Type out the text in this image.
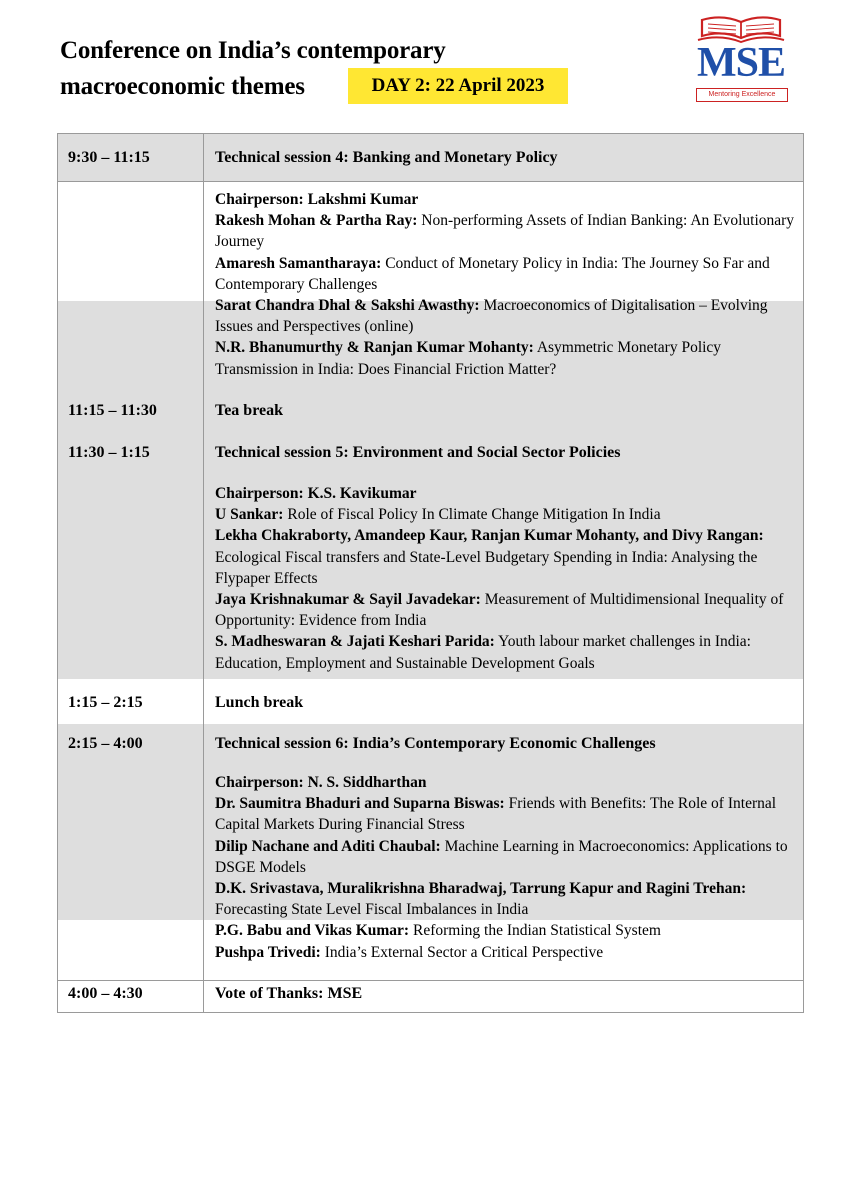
Conference on India’s contemporary
macroeconomic themes	DAY 2: 22 April 2023	MSE
Mentoring Excellence
9:30 – 11:15	Technical session 4: Banking and Monetary Policy

Chairperson: Lakshmi Kumar

Rakesh Mohan & Partha Ray: Non-performing Assets of Indian Banking: An Evolutionary Journey

Amaresh Samantharaya: Conduct of Monetary Policy in India: The Journey So Far and Contemporary Challenges

Sarat Chandra Dhal & Sakshi Awasthy: Macroeconomics of Digitalisation – Evolving Issues and Perspectives (online)

N.R. Bhanumurthy & Ranjan Kumar Mohanty: Asymmetric Monetary Policy Transmission in India: Does Financial Friction Matter?

11:15 – 11:30	Tea break
11:30 – 1:15	Technical session 5: Environment and Social Sector Policies

Chairperson: K.S. Kavikumar

U Sankar: Role of Fiscal Policy In Climate Change Mitigation In India

Lekha Chakraborty, Amandeep Kaur, Ranjan Kumar Mohanty, and Divy Rangan: Ecological Fiscal transfers and State-Level Budgetary Spending in India: Analysing the Flypaper Effects

Jaya Krishnakumar & Sayil Javadekar: Measurement of Multidimensional Inequality of Opportunity: Evidence from India

S. Madheswaran & Jajati Keshari Parida: Youth labour market challenges in India: Education, Employment and Sustainable Development Goals

1:15 – 2:15	Lunch break
2:15 – 4:00	Technical session 6: India’s Contemporary Economic Challenges

Chairperson: N. S. Siddharthan

Dr. Saumitra Bhaduri and Suparna Biswas: Friends with Benefits: The Role of Internal Capital Markets During Financial Stress

Dilip Nachane and Aditi Chaubal: Machine Learning in Macroeconomics: Applications to DSGE Models

D.K. Srivastava, Muralikrishna Bharadwaj, Tarrung Kapur and Ragini Trehan: Forecasting State Level Fiscal Imbalances in India

P.G. Babu and Vikas Kumar: Reforming the Indian Statistical System

Pushpa Trivedi: India’s External Sector a Critical Perspective

4:00 – 4:30	Vote of Thanks: MSE
